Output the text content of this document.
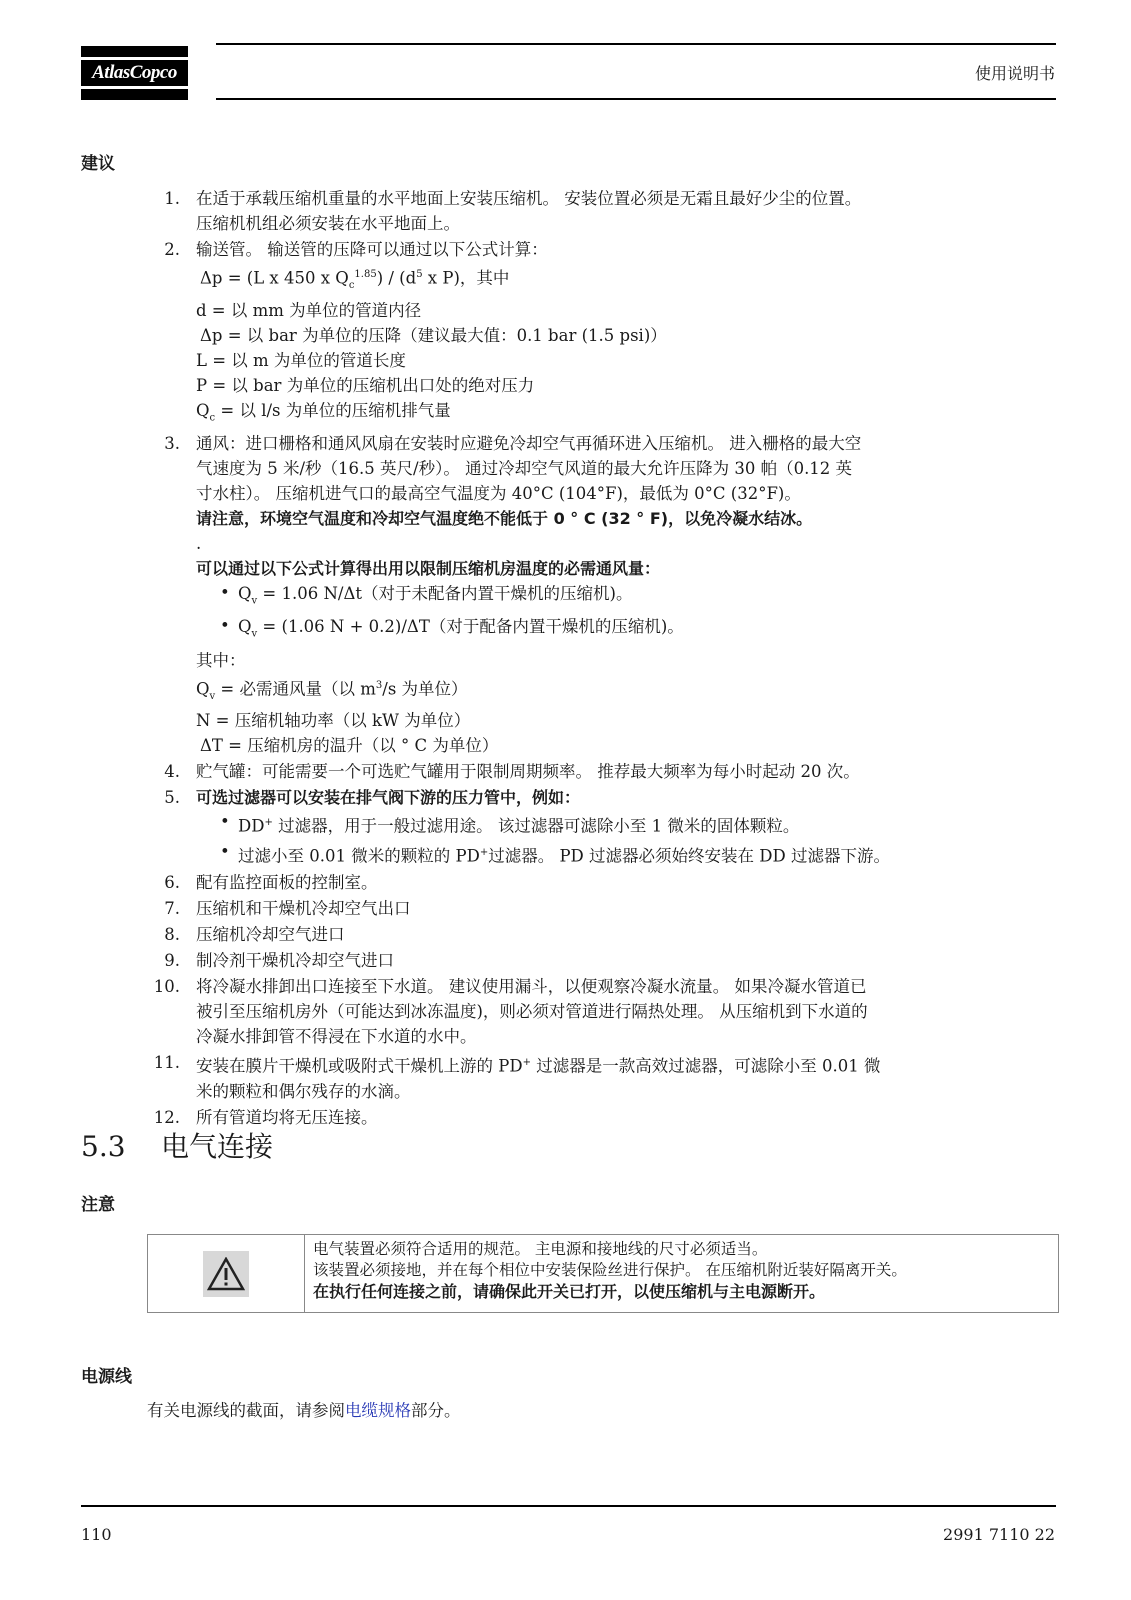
AtlasCopco	使用说明书
建议
1. 在适于承载压缩机重量的水平地面上安装压缩机。 安装位置必须是无霜且最好少尘的位置。
压缩机机组必须安装在水平地面上。
2. 输送管。 输送管的压降可以通过以下公式计算：
Δp = (L x 450 x $Q_c^{1.85}) / (d^5$ x P)，其中
d = 以 mm 为单位的管道内径
Δp = 以 bar 为单位的压降（建议最大值：0.1 bar (1.5 psi)）
L = 以 m 为单位的管道长度
P = 以 bar 为单位的压缩机出口处的绝对压力
$Q_c$ = 以 l/s 为单位的压缩机排气量
3. 通风：进口栅格和通风风扇在安装时应避免冷却空气再循环进入压缩机。 进入栅格的最大空
气速度为 5 米/秒（16.5 英尺/秒）。 通过冷却空气风道的最大允许压降为 30 帕（0.12 英
寸水柱）。 压缩机进气口的最高空气温度为 40°C (104°F)，最低为 0°C (32°F)。
请注意，环境空气温度和冷却空气温度绝不能低于 0 ° C (32 ° F)，以免冷凝水结冰。
.
可以通过以下公式计算得出用以限制压缩机房温度的必需通风量：
• $Q_v = 1.06$ N/Δt（对于未配备内置干燥机的压缩机)。
• $Q_v = (1.06$ N + 0.2)/ΔT（对于配备内置干燥机的压缩机)。
其中：
$Q_v$ = 必需通风量（以 $m^3/s$ 为单位）
N = 压缩机轴功率（以 kW 为单位）
ΔT = 压缩机房的温升（以 ° C 为单位）
4. 贮气罐：可能需要一个可选贮气罐用于限制周期频率。 推荐最大频率为每小时起动 20 次。
5. 可选过滤器可以安装在排气阀下游的压力管中，例如：
• DD+ 过滤器，用于一般过滤用途。 该过滤器可滤除小至 1 微米的固体颗粒。
• 过滤小至 0.01 微米的颗粒的 PD+过滤器。 PD 过滤器必须始终安装在 DD 过滤器下游。
6. 配有监控面板的控制室。
7. 压缩机和干燥机冷却空气出口
8. 压缩机冷却空气进口
9. 制冷剂干燥机冷却空气进口
10. 将冷凝水排卸出口连接至下水道。 建议使用漏斗，以便观察冷凝水流量。 如果冷凝水管道已
被引至压缩机房外（可能达到冰冻温度)，则必须对管道进行隔热处理。 从压缩机到下水道的
冷凝水排卸管不得浸在下水道的水中。
11. 安装在膜片干燥机或吸附式干燥机上游的 PD+ 过滤器是一款高效过滤器，可滤除小至 0.01 微
米的颗粒和偶尔残存的水滴。
12. 所有管道均将无压连接。
5.3 电气连接
注意
电气装置必须符合适用的规范。 主电源和接地线的尺寸必须适当。
该装置必须接地，并在每个相位中安装保险丝进行保护。 在压缩机附近装好隔离开关。
在执行任何连接之前，请确保此开关已打开，以使压缩机与主电源断开。
电源线
有关电源线的截面，请参阅电缆规格部分。
110	2991 7110 22
